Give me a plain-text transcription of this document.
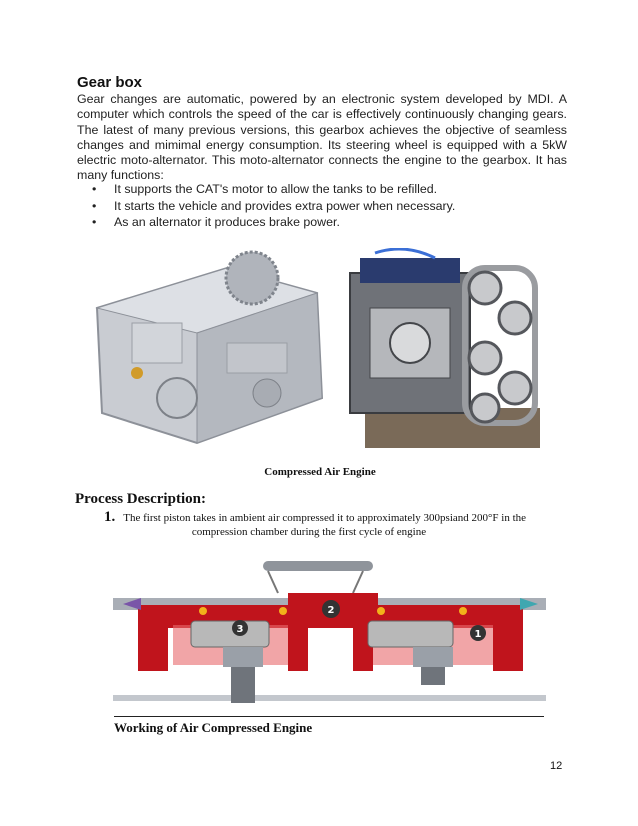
Gear box
Gear changes are automatic, powered by an electronic system developed by MDI. A computer which controls the speed of the car is effectively continuously changing gears. The latest of many previous versions, this gearbox achieves the objective of seamless changes and mimimal energy consumption. Its steering wheel is equipped with a 5kW electric moto-alternator. This moto-alternator connects the engine to the gearbox. It has many functions:
•	It supports the CAT's motor to allow the tanks to be refilled.
•	It starts the vehicle and provides extra power when necessary.
•	As an alternator it produces brake power.
Compressed Air Engine
Process Description:
1. The first piston takes in ambient air compressed it to approximately 300psiand 200°F in the
compression chamber during the first cycle of engine
3	1
2
Working of Air Compressed Engine
12
